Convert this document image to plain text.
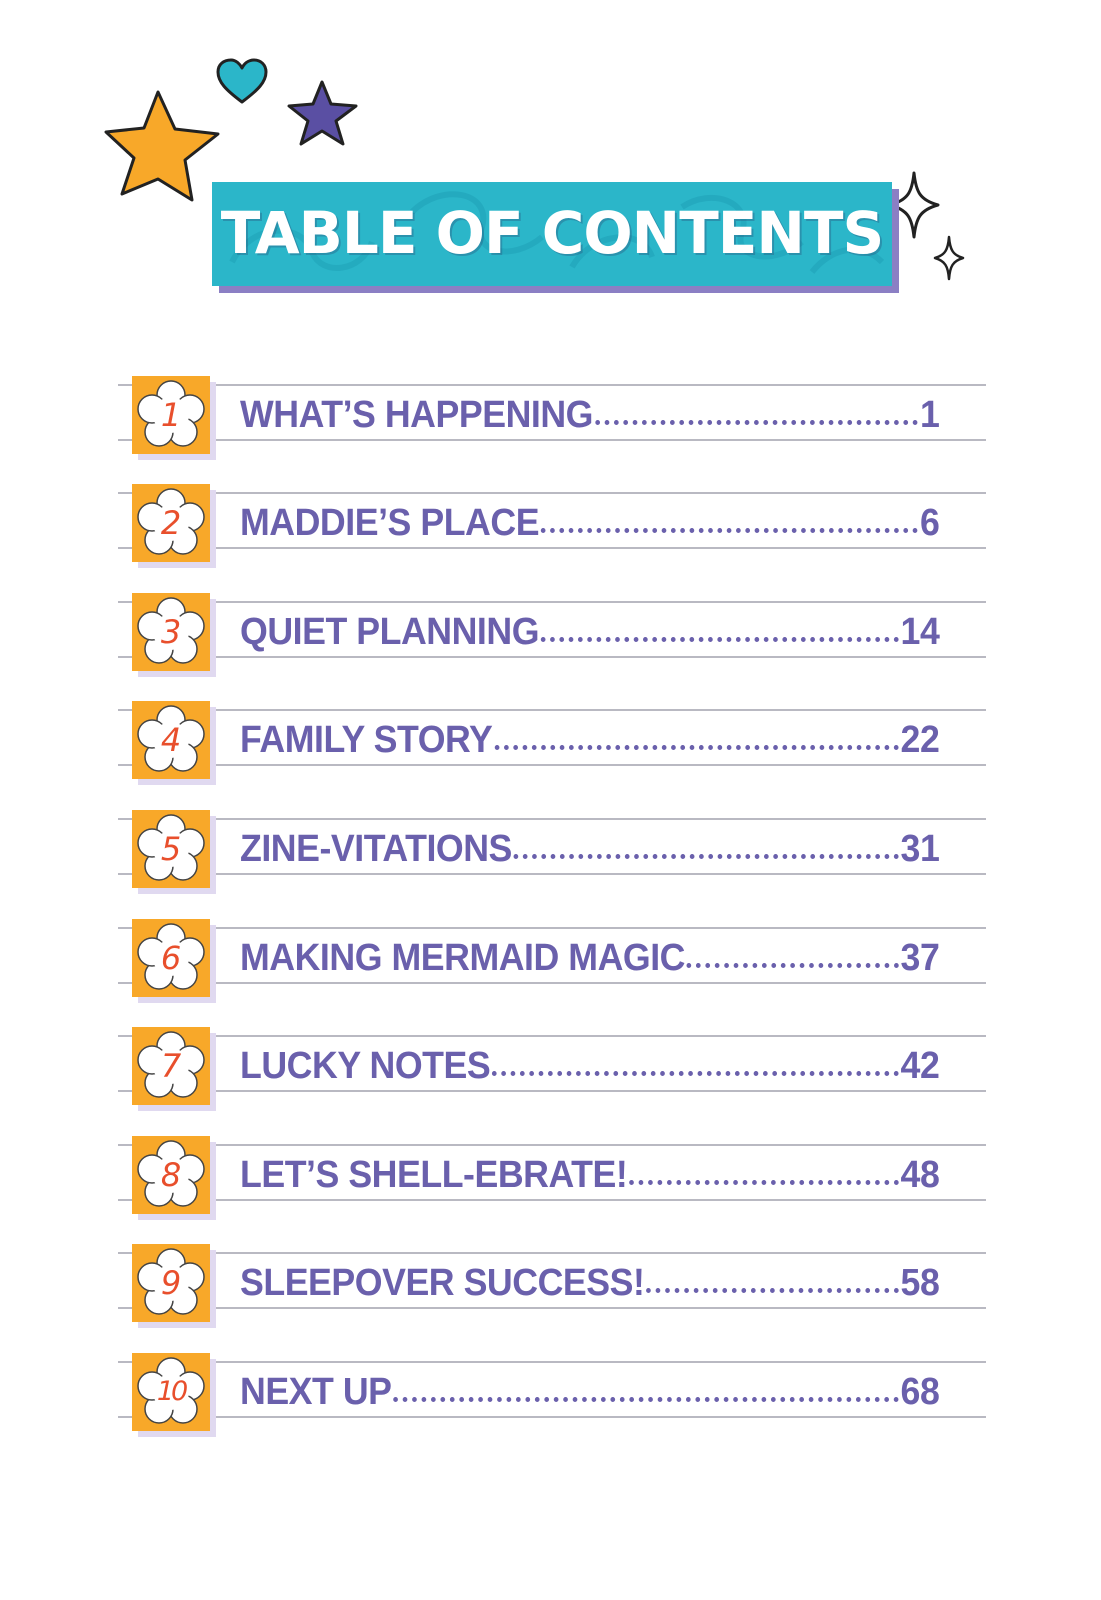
TABLE OF CONTENTS
1	WHAT’S HAPPENING	1
2	MADDIE’S PLACE	6
3	QUIET PLANNING	14
4	FAMILY STORY	22
5	ZINE-VITATIONS	31
6	MAKING MERMAID MAGIC	37
7	LUCKY NOTES	42
8	LET’S SHELL-EBRATE!	48
9	SLEEPOVER SUCCESS!	58
10	NEXT UP	68
